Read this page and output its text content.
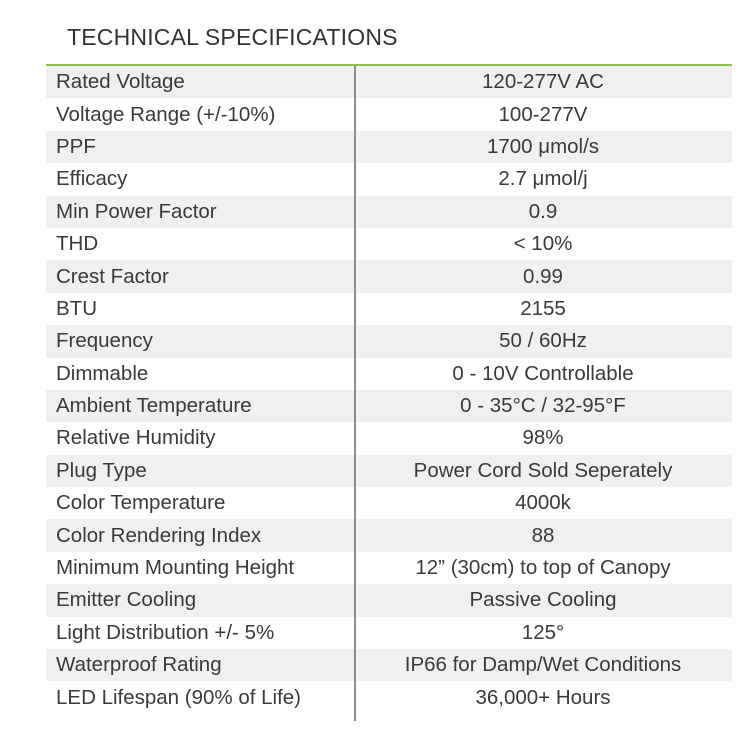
TECHNICAL SPECIFICATIONS
Rated Voltage	120-277V AC
Voltage Range (+/-10%)	100-277V
PPF	1700 μmol/s
Efficacy	2.7 μmol/j
Min Power Factor	0.9
THD	< 10%
Crest Factor	0.99
BTU	2155
Frequency	50 / 60Hz
Dimmable	0 - 10V Controllable
Ambient Temperature	0 - 35°C / 32-95°F
Relative Humidity	98%
Plug Type	Power Cord Sold Seperately
Color Temperature	4000k
Color Rendering Index	88
Minimum Mounting Height	12” (30cm) to top of Canopy
Emitter Cooling	Passive Cooling
Light Distribution +/- 5%	125°
Waterproof Rating	IP66 for Damp/Wet Conditions
LED Lifespan (90% of Life)	36,000+ Hours
